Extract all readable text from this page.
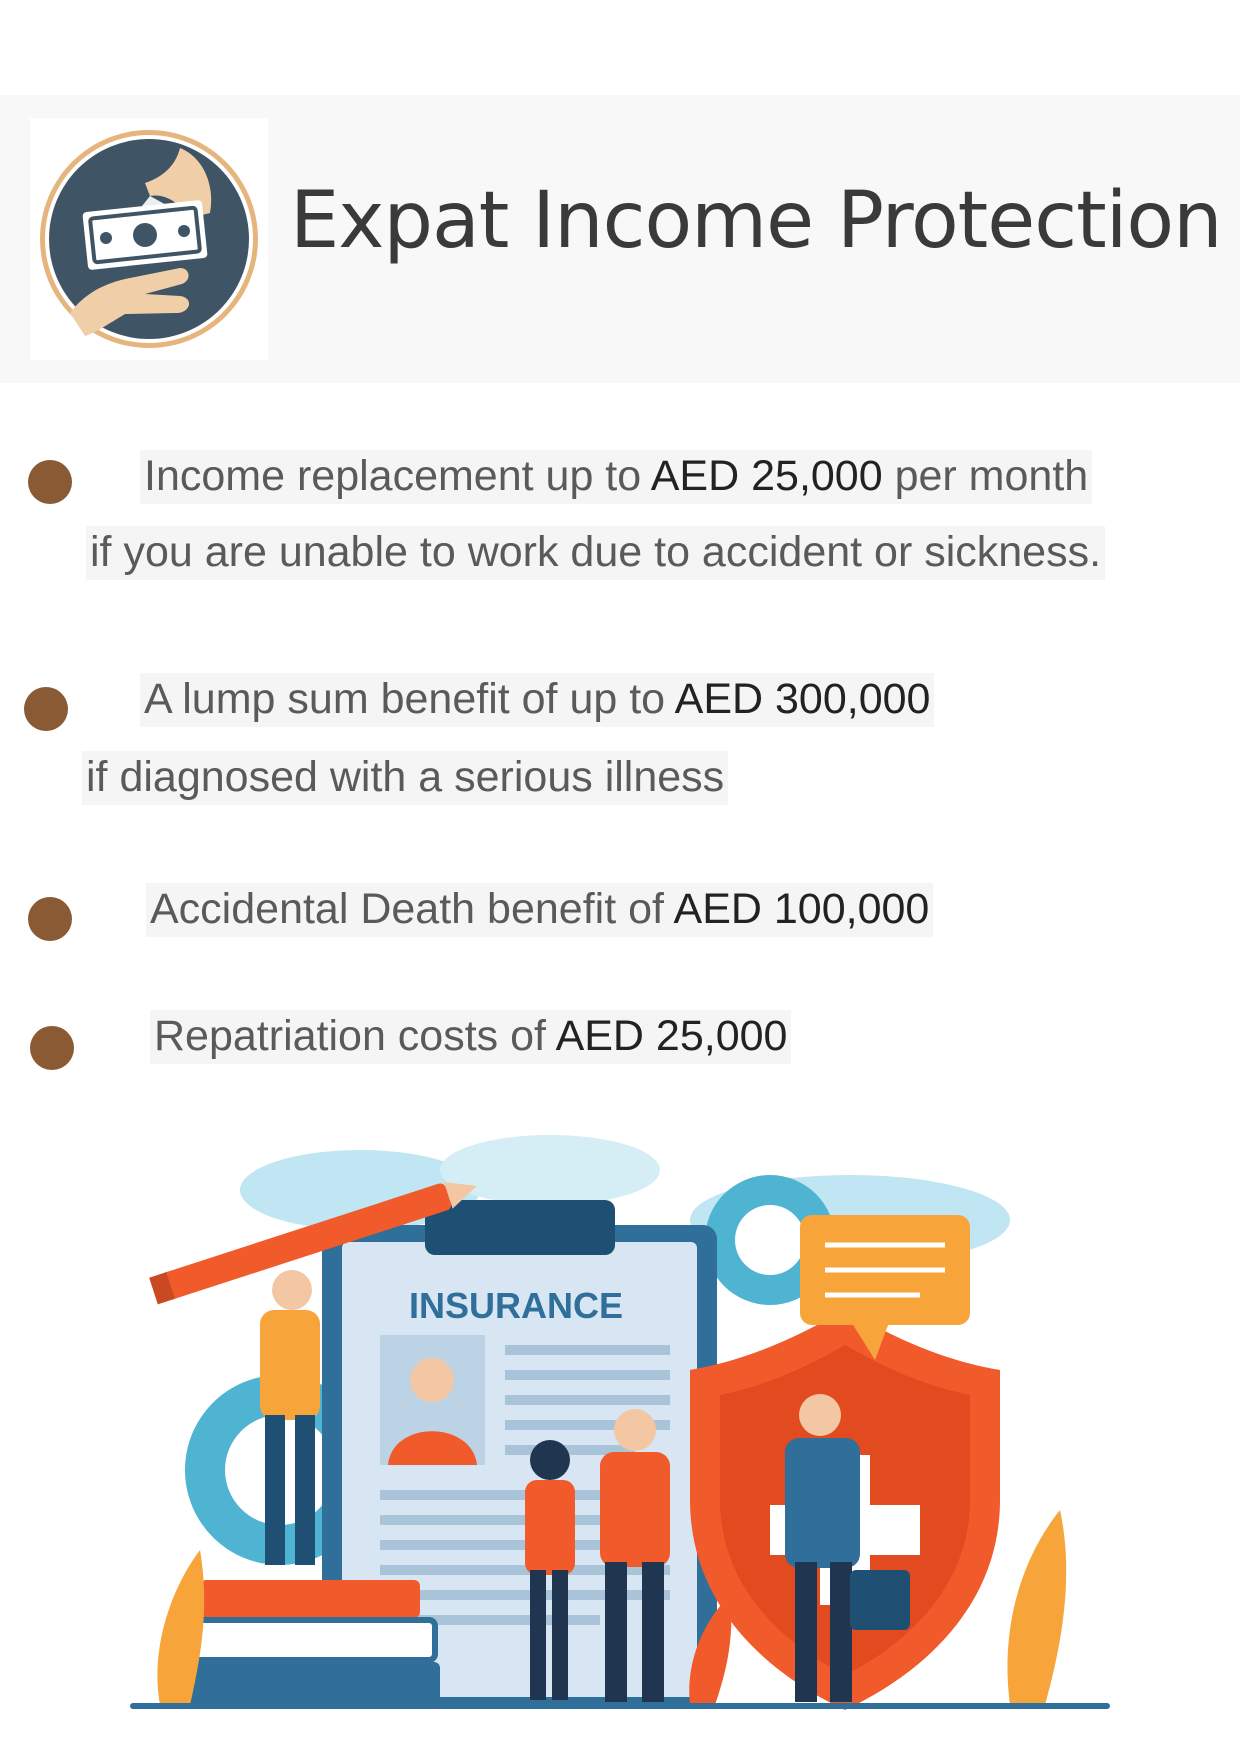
Expat Income Protection
Income replacement up to AED 25,000 per month
if you are unable to work due to accident or sickness.
A lump sum benefit of up to AED 300,000
if diagnosed with a serious illness
Accidental Death benefit of AED 100,000
Repatriation costs of AED 25,000
INSURANCE
